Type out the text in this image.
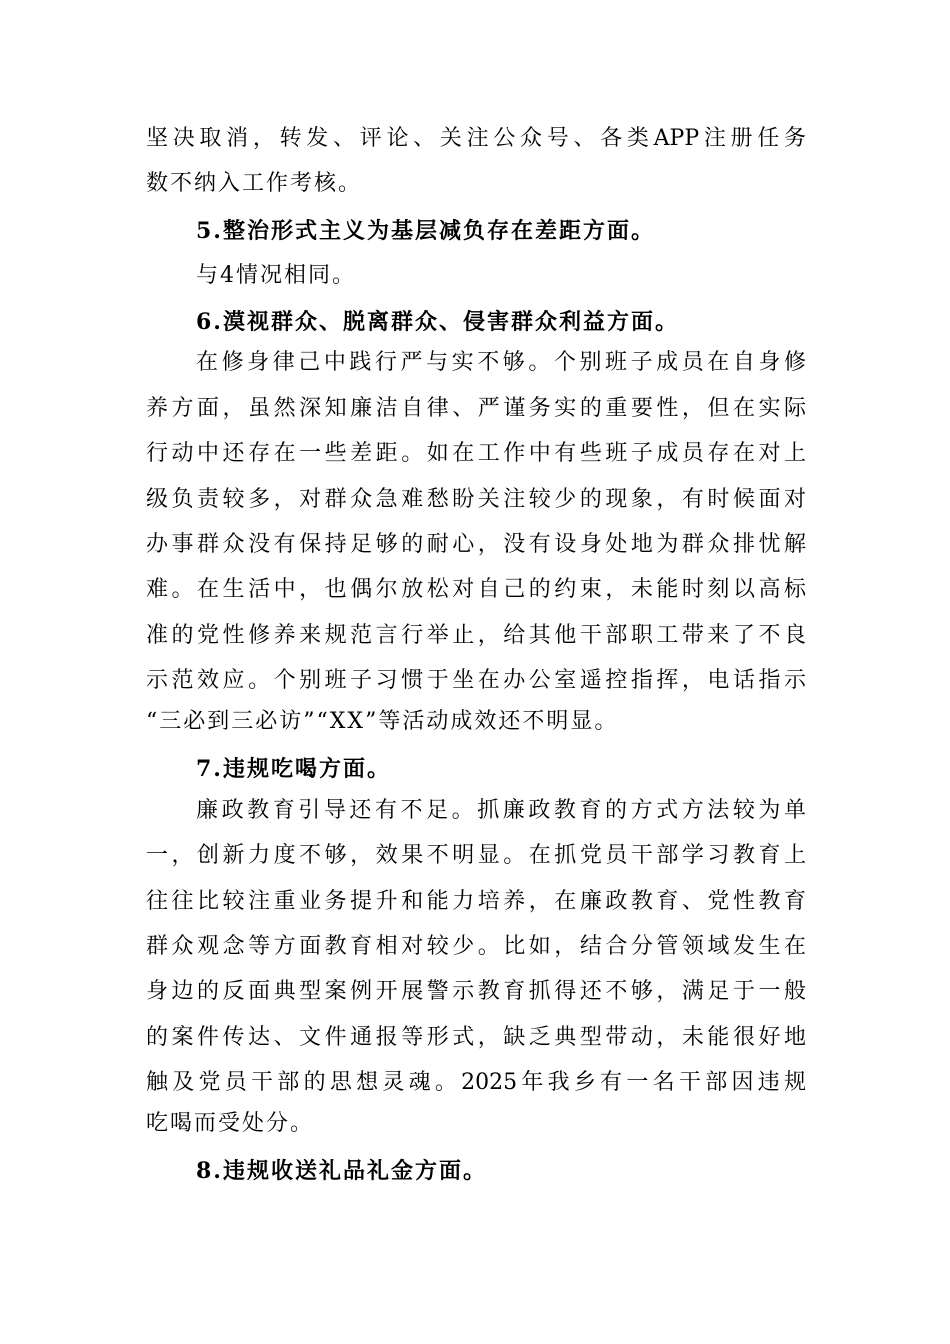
坚决取消，转发、评论、关注公众号、各类APP注册任务
数不纳入工作考核。
5.整治形式主义为基层减负存在差距方面。
与4情况相同。
6.漠视群众、脱离群众、侵害群众利益方面。
在修身律己中践行严与实不够。个别班子成员在自身修
养方面，虽然深知廉洁自律、严谨务实的重要性，但在实际
行动中还存在一些差距。如在工作中有些班子成员存在对上
级负责较多，对群众急难愁盼关注较少的现象，有时候面对
办事群众没有保持足够的耐心，没有设身处地为群众排忧解
难。在生活中，也偶尔放松对自己的约束，未能时刻以高标
准的党性修养来规范言行举止，给其他干部职工带来了不良
示范效应。个别班子习惯于坐在办公室遥控指挥，电话指示
“三必到三必访”“XX”等活动成效还不明显。
7.违规吃喝方面。
廉政教育引导还有不足。抓廉政教育的方式方法较为单
一，创新力度不够，效果不明显。在抓党员干部学习教育上
往往比较注重业务提升和能力培养，在廉政教育、党性教育
群众观念等方面教育相对较少。比如，结合分管领域发生在
身边的反面典型案例开展警示教育抓得还不够，满足于一般
的案件传达、文件通报等形式，缺乏典型带动，未能很好地
触及党员干部的思想灵魂。2025年我乡有一名干部因违规
吃喝而受处分。
8.违规收送礼品礼金方面。
